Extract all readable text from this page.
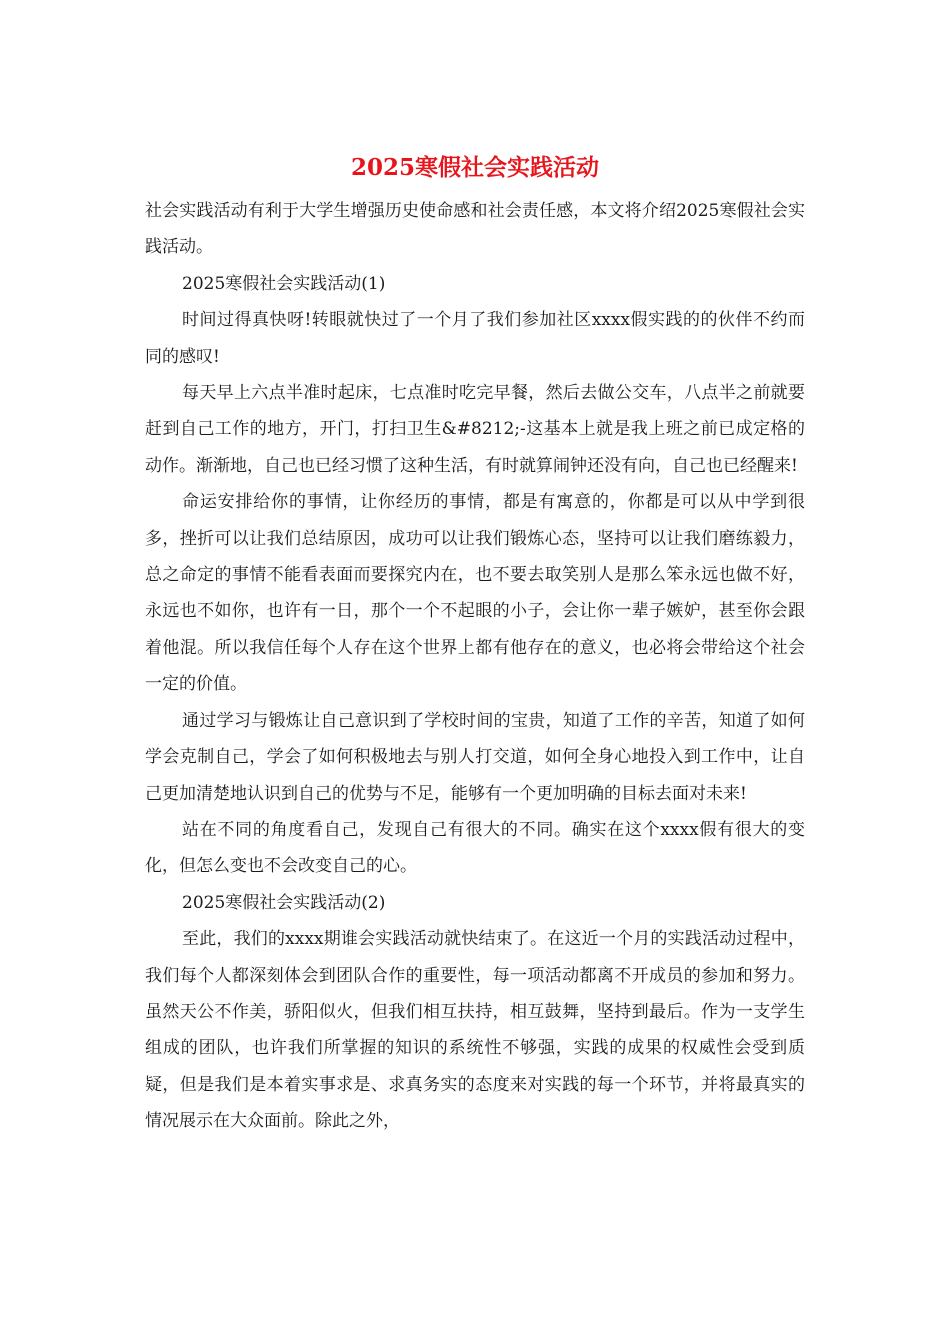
2025寒假社会实践活动

社会实践活动有利于大学生增强历史使命感和社会责任感，本文将介绍2025寒假社会实践活动。

2025寒假社会实践活动(1)

时间过得真快呀!转眼就快过了一个月了我们参加社区xxxx假实践的的伙伴不约而同的感叹!

每天早上六点半准时起床，七点准时吃完早餐，然后去做公交车，八点半之前就要赶到自己工作的地方，开门，打扫卫生&#8212;-这基本上就是我上班之前已成定格的动作。渐渐地，自己也已经习惯了这种生活，有时就算闹钟还没有向，自己也已经醒来!

命运安排给你的事情，让你经历的事情，都是有寓意的，你都是可以从中学到很多，挫折可以让我们总结原因，成功可以让我们锻炼心态，坚持可以让我们磨练毅力，总之命定的事情不能看表面而要探究内在，也不要去取笑别人是那么笨永远也做不好，永远也不如你，也许有一日，那个一个不起眼的小子，会让你一辈子嫉妒，甚至你会跟着他混。所以我信任每个人存在这个世界上都有他存在的意义，也必将会带给这个社会一定的价值。

通过学习与锻炼让自己意识到了学校时间的宝贵，知道了工作的辛苦，知道了如何学会克制自己，学会了如何积极地去与别人打交道，如何全身心地投入到工作中，让自己更加清楚地认识到自己的优势与不足，能够有一个更加明确的目标去面对未来!

站在不同的角度看自己，发现自己有很大的不同。确实在这个xxxx假有很大的变化，但怎么变也不会改变自己的心。

2025寒假社会实践活动(2)

至此，我们的xxxx期谁会实践活动就快结束了。在这近一个月的实践活动过程中，我们每个人都深刻体会到团队合作的重要性，每一项活动都离不开成员的参加和努力。虽然天公不作美，骄阳似火，但我们相互扶持，相互鼓舞，坚持到最后。作为一支学生组成的团队，也许我们所掌握的知识的系统性不够强，实践的成果的权威性会受到质疑，但是我们是本着实事求是、求真务实的态度来对实践的每一个环节，并将最真实的情况展示在大众面前。除此之外，
